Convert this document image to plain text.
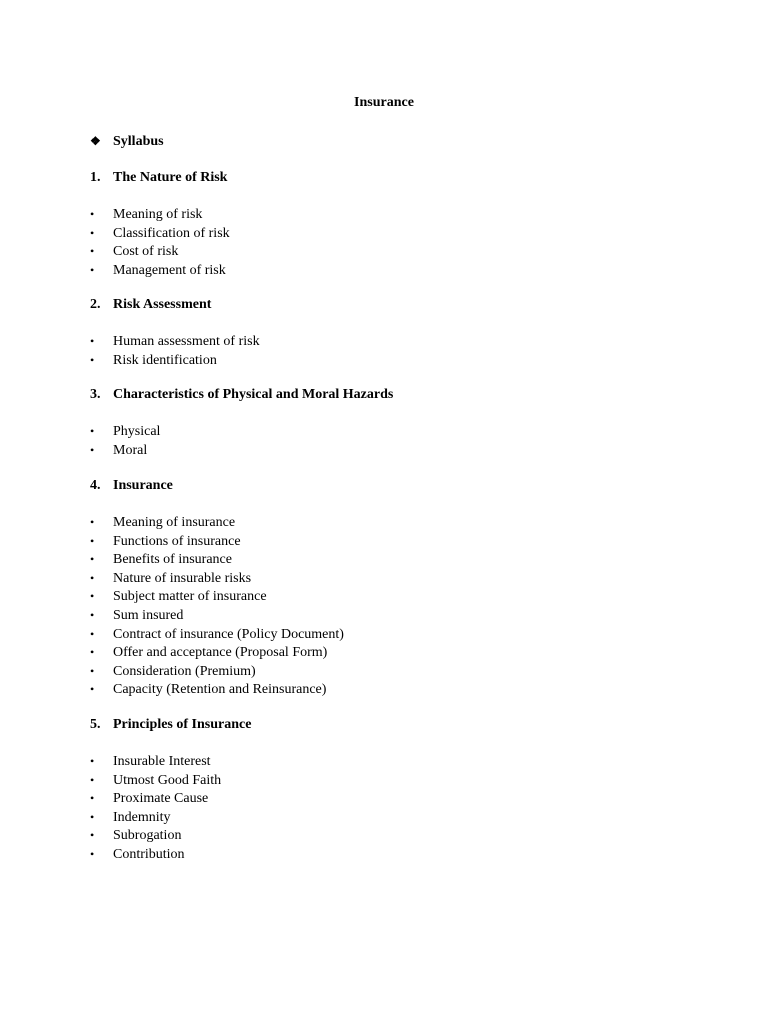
Insurance
❖ Syllabus
1. The Nature of Risk
• Meaning of risk
• Classification of risk
• Cost of risk
• Management of risk
2. Risk Assessment
• Human assessment of risk
• Risk identification
3. Characteristics of Physical and Moral Hazards
• Physical
• Moral
4. Insurance
• Meaning of insurance
• Functions of insurance
• Benefits of insurance
• Nature of insurable risks
• Subject matter of insurance
• Sum insured
• Contract of insurance (Policy Document)
• Offer and acceptance (Proposal Form)
• Consideration (Premium)
• Capacity (Retention and Reinsurance)
5. Principles of Insurance
• Insurable Interest
• Utmost Good Faith
• Proximate Cause
• Indemnity
• Subrogation
• Contribution
